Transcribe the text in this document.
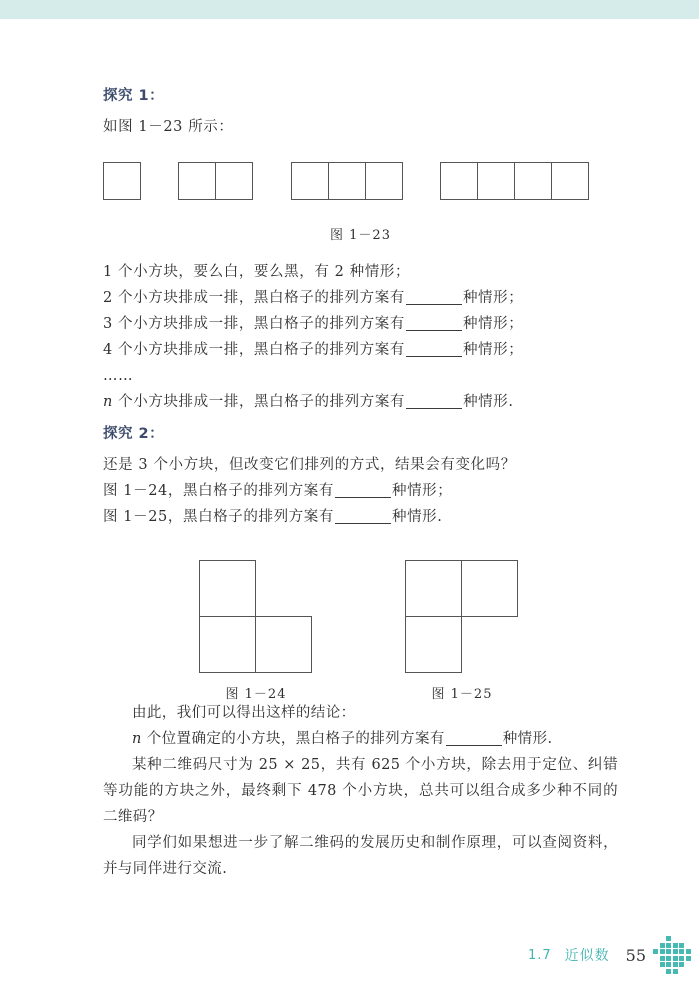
探究 1：

如图 1－23 所示：

图 1－23

1 个小方块，要么白，要么黑，有 2 种情形；

2 个小方块排成一排，黑白格子的排列方案有	种情形；

3 个小方块排成一排，黑白格子的排列方案有	种情形；

4 个小方块排成一排，黑白格子的排列方案有	种情形；

……

n 个小方块排成一排，黑白格子的排列方案有	种情形.

探究 2：

还是 3 个小方块，但改变它们排列的方式，结果会有变化吗？

图 1－24，黑白格子的排列方案有	种情形；

图 1－25，黑白格子的排列方案有	种情形.

图 1－24	图 1－25

由此，我们可以得出这样的结论：

n 个位置确定的小方块，黑白格子的排列方案有	种情形.

某种二维码尺寸为 25 × 25，共有 625 个小方块，除去用于定位、纠错等功能的方块之外，最终剩下 478 个小方块，总共可以组合成多少种不同的二维码？

同学们如果想进一步了解二维码的发展历史和制作原理，可以查阅资料，并与同伴进行交流.

1.7 近似数 55
